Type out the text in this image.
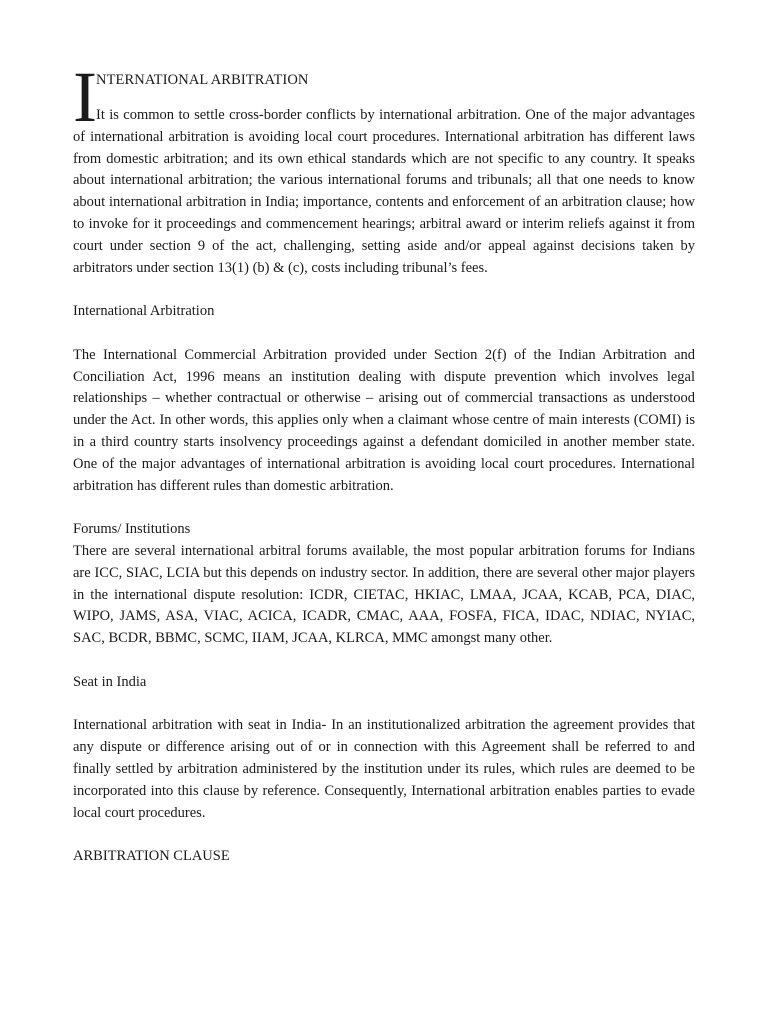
I NTERNATIONAL ARBITRATION

It is common to settle cross-border conflicts by international arbitration. One of the major advantages of international arbitration is avoiding local court procedures. International arbitration has different laws from domestic arbitration; and its own ethical standards which are not specific to any country. It speaks about international arbitration; the various international forums and tribunals; all that one needs to know about international arbitration in India; importance, contents and enforcement of an arbitration clause; how to invoke for it proceedings and commencement hearings; arbitral award or interim reliefs against it from court under section 9 of the act, challenging, setting aside and/or appeal against decisions taken by arbitrators under section 13(1) (b) & (c), costs including tribunal’s fees.

International Arbitration

The International Commercial Arbitration provided under Section 2(f) of the Indian Arbitration and Conciliation Act, 1996 means an institution dealing with dispute prevention which involves legal relationships – whether contractual or otherwise – arising out of commercial transactions as understood under the Act. In other words, this applies only when a claimant whose centre of main interests (COMI) is in a third country starts insolvency proceedings against a defendant domiciled in another member state. One of the major advantages of international arbitration is avoiding local court procedures. International arbitration has different rules than domestic arbitration.

Forums/ Institutions

There are several international arbitral forums available, the most popular arbitration forums for Indians are ICC, SIAC, LCIA but this depends on industry sector. In addition, there are several other major players in the international dispute resolution: ICDR, CIETAC, HKIAC, LMAA, JCAA, KCAB, PCA, DIAC, WIPO, JAMS, ASA, VIAC, ACICA, ICADR, CMAC, AAA, FOSFA, FICA, IDAC, NDIAC, NYIAC, SAC, BCDR, BBMC, SCMC, IIAM, JCAA, KLRCA, MMC amongst many other.

Seat in India

International arbitration with seat in India- In an institutionalized arbitration the agreement provides that any dispute or difference arising out of or in connection with this Agreement shall be referred to and finally settled by arbitration administered by the institution under its rules, which rules are deemed to be incorporated into this clause by reference. Consequently, International arbitration enables parties to evade local court procedures.

ARBITRATION CLAUSE
